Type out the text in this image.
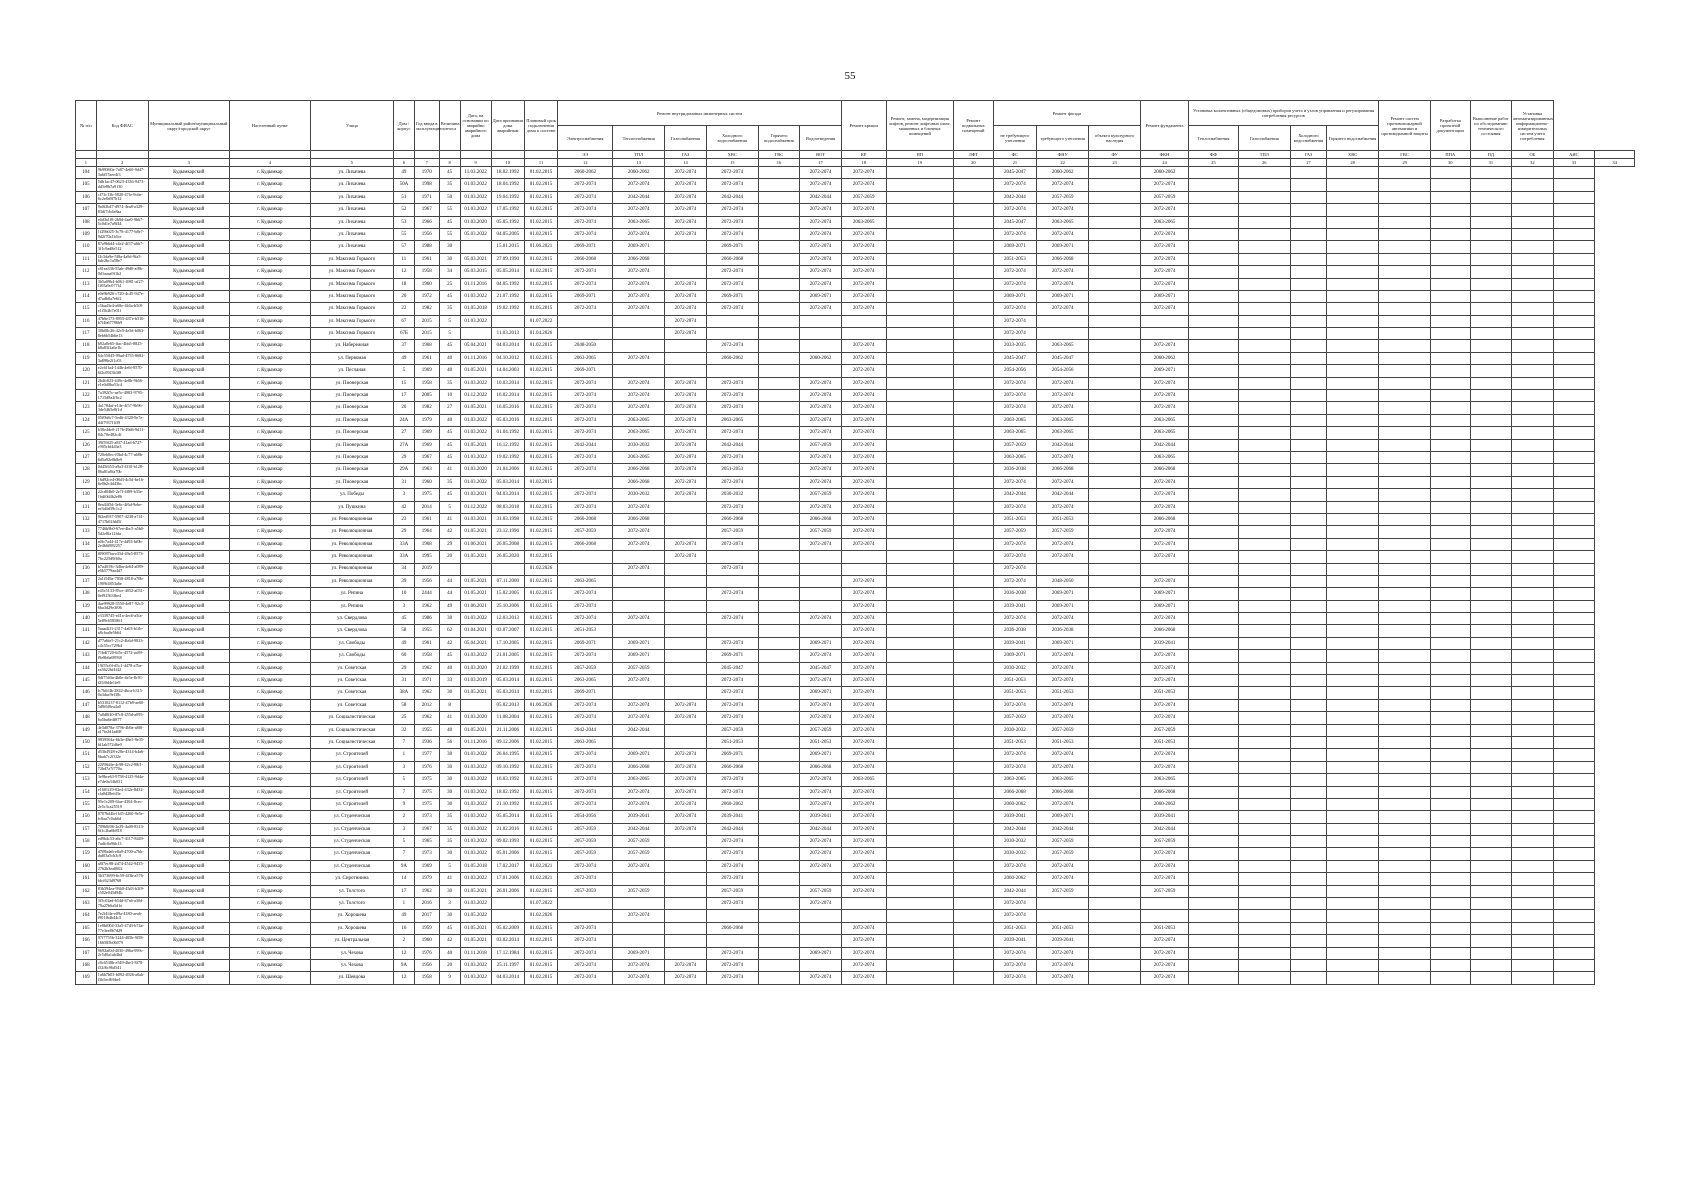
55
№ п/п	Код ФИАС	Муниципальный район/муниципальный округ/городской округ	Населенный пункт	Улица	Дом / корпус	Год ввода в эксплуатацию	Величина износа	Дата, на основании по аварийно аварийного дома	Дата признания дома аварийным	Плановый срок подключения дома к системе	Ремонт внутридомовых инженерных систем						Ремонт крыши	Ремонт, замена, модернизация лифтов, ремонт лифтовых шахт, машинных и блочных помещений	Ремонт подвальных помещений	Ремонт фасада			Ремонт фундамента	Установка коллективных (общедомовых) приборов учета и узлов управления и регулирования потребления ресурсов				Ремонт систем противопожарной автоматики и противодымной защиты	Разработка проектной документации	Выполнение работ по обследованию технического состояния	Установка автоматизированных информационно-измерительных систем учета потребления		
											Электроснабжения	Теплоснабжения	Газоснабжения	Холодного водоснабжения	Горячего водоснабжения	Водоотведения				не требующего утепления	требующего утепления	объекта культурного наследия		Теплоснабжения	Газоснабжения	Холодного водоснабжения	Горячего водоснабжения						
											ЭЭ	ТПЛ	ГАЗ	ХВС	ГВС	ВОТ	КР	ПП	ЛФТ	ФС	ФНУ	ФУ	ФКН	ФФ	ТПЛ	ГАЗ	ХВС	ГВС	ППА	ПД	ОБ	АИС	
1	2	3	4	5	6	7	8	9	10	11	12	13	14	15	16	17	18	19	20	21	22	23	24	25	26	27	28	29	30	31	32	33	34
104	9b99360a-7a87-4e60-9d47-3a6f57aee4f3	Кудымкарский	г. Кудымкар	ул. Лихачева	49	1970	45	11.03.2022	18.02.1992	01.02.2015	2060-2062	2060-2062	2072-2074	2072-2074		2072-2074	2072-2074			2045-2047	2060-2062		2060-2062										
105	5db1ac47-0623-4336-9473-dd5e8b7a9130	Кудымкарский	г. Кудымкар	ул. Лихачева	50А	1998	35	01.03.2022	18.04.1992	01.02.2015	2072-2074	2072-2074	2072-2074	2072-2074		2072-2074	2072-2074			2072-2074	2072-2074		2072-2074										
106	cf73c13b-5820-47fe-9c6e-6c2e8a9f7b12	Кудымкарский	г. Кудымкар	ул. Лихачева	51	1971	50	01.03.2022	19.04.1992	01.02.2015	2072-2074	2042-2044	2072-2074	2042-2044		2042-2044	2057-2059			2042-2044	2057-2059		2057-2059										
107	9a0f2b47-d974-4ea8-a329-83df7cb4e8aa	Кудымкарский	г. Кудымкар	ул. Лихачева	52	1967	55	01.03.2022	17.05.1992	01.02.2015	2072-2074	2072-2074	2072-2074	2072-2074		2072-2074	2072-2074			2072-2074	2072-2074		2072-2074										
108	e6d3a1f8-2b9d-4ae0-9b67-5c0d1e7a9f44	Кудымкарский	г. Кудымкар	ул. Лихачева	53	1966	45	01.03.2020	05.05.1992	01.02.2015	2072-2074	2063-2065	2072-2074	2072-2074		2072-2074	2063-2065			2045-2047	2063-2065		2063-2065										
109	1f29b025-3c78-4177-b8e7-9d2f70a1b5ce	Кудымкарский	г. Кудымкар	ул. Лихачева	55	1956	55	05.03.2022	04.05.2005	01.02.2015	2072-2074	2072-2074	2072-2074	2072-2074		2072-2074	2072-2074			2072-2074	2072-2074		2072-2074										
110	87a9b6d4-c4e2-4f57-a6b7-3f1c9ad8e512	Кудымкарский	г. Кудымкар	ул. Лихачева	57	1988	30		15.01.2015	01.06.2021	2069-2071	2069-2071		2069-2071		2072-2074	2072-2074			2069-2071	2069-2071		2072-2074										
111	f2c5da9e-5f8a-4a9d-9fa5-6de2bc1a58e7	Кудымкарский	г. Кудымкар	ул. Максима Горького	11	1961	30	05.03.2021	27.09.1990	01.02.2015	2066-2068	2066-2068		2066-2068		2072-2074	2072-2074			2051-2053	2066-2068		2072-2074										
112	c81ea336-55ab-49d0-af8b-0d1aaaa9f1b2	Кудымкарский	г. Кудымкар	ул. Максима Горького	12	1958	34	05.03.2015	05.05.2014	01.02.2015	2072-2074	2072-2074		2072-2074		2072-2074	2072-2074			2072-2074	2072-2074		2072-2074										
113	3b5a09b4-b061-4981-af27-1f05a9c077f4	Кудымкарский	г. Кудымкар	ул. Максима Горького	18	1960	25	01.11.2016	04.05.1992	01.02.2015	2072-2074	2072-2074	2072-2074	2072-2074		2072-2074	2072-2074			2072-2074	2072-2074		2072-2074										
114	e0e9b926-c720-4c45-947e-d7adb0a7e6f2	Кудымкарский	г. Кудымкар	ул. Максима Горького	20	1972	45	01.03.2022	21.07.1992	01.02.2015	2069-2071	2072-2074	2072-2074	2069-2071		2069-2071	2072-2074			2069-2071	2069-2071		2069-2071										
115	c5bad3e4-a68e-4b5a-b5f8-e1f5b2b7e01f	Кудымкарский	г. Кудымкар	ул. Максима Горького	22	1982	35	01.05.2018	19.02.1992	01.05.2015	2072-2074	2072-2074	2072-2074	2072-2074		2072-2074	2072-2074			2072-2074	2072-2074		2072-2074										
116	47b6e173-8955-437e-b516-b7f4b67796b9	Кудымкарский	г. Кудымкар	ул. Максима Горького	67	2015	5	01.03.2022		01.07.2022			2072-2074							2072-2074													
117	30b08c26-42c9-4e5d-b063-8eb6b54b6e13	Кудымкарский	г. Кудымкар	ул. Максима Горького	67Б	2015	5		11.03.2013	01.04.2026			2072-2074							2072-2074													
118	b92a0e65-ffac-4bb5-8825-b8a83f2a6e1b	Кудымкарский	г. Кудымкар	ул. Набережная	37	1968	45	05.04.2021	04.03.2014	01.02.2015	2048-2050			2072-2074			2072-2074			2033-2035	2063-2065		2072-2074										
119	64c55045-09ad-4755-8682-3a898e2f1c03	Кудымкарский	г. Кудымкар	ул. Первомая	49	1961	40	01.11.2016	04.10.2012	01.02.2015	2063-2065	2072-2074		2060-2062		2060-2062	2072-2074			2045-2047	2045-2047		2060-2062										
120	e2c6f1a4-1d4b-4e6f-8570-6f2c0923b3f8	Кудымкарский	г. Кудымкар	ул. Песчаная	5	1969	40	01.05.2021	14.04.2003	01.02.2015	2069-2071						2072-2074			2054-2056	2054-2056		2069-2071										
121	2b4fdf23-449c-4e8b-9b56-e1e0d0ba53c4	Кудымкарский	г. Кудымкар	ул. Пионерская	15	1958	35	01.03.2022	10.03.2014	01.02.2015	2072-2074	2072-2074	2072-2074	2072-2074		2072-2074	2072-2074			2072-2074	2072-2074		2072-2074										
122	7a392f5c-ae5c-4983-9795-1715d8a2f6c2	Кудымкарский	г. Кудымкар	ул. Пионерская	17	2005	10	01.12.2022	16.02.2014	01.02.2015	2072-2074	2072-2074	2072-2074	2072-2074		2072-2074	2072-2074			2072-2074	2072-2074		2072-2074										
123	4a1784af-e14e-4f57-9b96-3de5465e8f1d	Кудымкарский	г. Кудымкар	ул. Пионерская	20	1982	27	01.05.2021	16.05.2016	01.02.2015	2072-2074	2072-2074	2072-2074	2072-2074		2072-2074	2072-2074			2072-2074	2072-2074		2072-2074										
124	05f0b8c7-5ed6-4320-9e7e-d4f7937f1ff9	Кудымкарский	г. Кудымкар	ул. Пионерская	24А	1979	40	01.03.2022	05.03.2016	01.02.2015	2072-2074	2063-2065	2072-2074	2063-2065		2072-2074	2072-2074			2063-2065	2063-2065		2063-2065										
125	b30e4de0-217b-49d6-9d11-84c70e482c4f	Кудымкарский	г. Кудымкар	ул. Пионерская	27	1969	45	01.03.2022	01.04.1992	01.02.2015	2072-2074	2063-2065	2072-2074	2072-2074		2072-2074	2072-2074			2063-2065	2063-2065		2063-2065										
126	39f59f25-a8f7-41ad-b727-c905cbf4d3e3	Кудымкарский	г. Кудымкар	ул. Пионерская	27А	1969	45	01.05.2021	16.12.1992	01.02.2015	2042-2044	2030-2032	2072-2074	2042-2044		2057-2059	2072-2074			2057-2059	2042-2044		2042-2044										
127	720eb0ec-f0bd-4c77-a68b-6d5a92e0b8e9	Кудымкарский	г. Кудымкар	ул. Пионерская	29	1967	45	01.03.2022	19.02.1992	01.02.2015	2072-2074	2063-2065	2072-2074	2072-2074		2072-2074	2072-2074			2063-2065	2072-2074		2063-2065										
128	0d45f653-a9a3-4f10-b128-86a81a0fa70b	Кудымкарский	г. Кудымкар	ул. Пионерская	29А	1963	41	01.03.2020	21.04.2006	01.02.2015	2072-2074	2066-2068	2072-2074	2051-2053		2072-2074	2072-2074			2036-2038	2066-2068		2066-2068										
129	16d92ce4-08d3-4c5d-be16-6e0b2c4d43bc	Кудымкарский	г. Кудымкар	ул. Пионерская	31	1960	35	01.03.2022	05.03.2014	01.02.2015		2066-2068	2072-2074	2072-2074		2072-2074	2072-2074			2072-2074	2072-2074		2072-2074										
130	22cd04b0-2e7f-4f89-b33e-1bdf0d4b2e86	Кудымкарский	г. Кудымкар	ул. Победы	3	1975	45	01.03.2021	04.03.2014	01.02.2015	2072-2074	2030-2032	2072-2074	2030-2032		2057-2059	2072-2074			2042-2044	2042-2044		2072-2074										
131	8ea44f5d-3e6c-4f6d-9ebe-ee3d4d39c1c2	Кудымкарский	г. Кудымкар	ул. Пушкина	42	2014	5	01.12.2022	08.03.2018	01.02.2015	2072-2074	2072-2074		2072-2074		2072-2074	2072-2074			2072-2074	2072-2074		2072-2074										
132	8f2ed937-5907-4238-a741-4717b02fdd5f	Кудымкарский	г. Кудымкар	ул. Революционная	23	1961	41	01.03.2021	31.03.1998	01.02.2015	2066-2068	2066-2068		2066-2068		2066-2068	2072-2074			2051-2053	2051-2053		2066-2068										
133	7746b9b0-67ee-4bc5-a5b0-5d2e8fa12fda	Кудымкарский	г. Кудымкар	ул. Революционная	29	1964	42	01.05.2021	23.12.1996	01.02.2015	2057-2059	2072-2074		2057-2059		2057-2059	2072-2074			2057-2059	2057-2059		2072-2074										
134	a0fc7a44-417e-4d93-bf0b-2e4b6f882257	Кудымкарский	г. Кудымкар	ул. Революционная	33А	1968	29	01.06.2021	26.05.2008	01.02.2015	2066-2068	2072-2074	2072-2074	2072-2074		2072-2074	2072-2074			2072-2074	2072-2074		2072-2074										
135	f09087ba-e35d-49e5-8573-76c225d9f60a	Кудымкарский	г. Кудымкар	ул. Революционная	33А	1995	20	01.05.2021	26.05.2020	01.02.2015			2072-2074							2072-2074	2072-2074		2072-2074										
136	b7a4019c-3dba-4e64-a089-e6b5779aa4d7	Кудымкарский	г. Кудымкар	ул. Революционная	34	2019				01.02.2026		2072-2074		2072-2074						2072-2074													
137	2a1f549a-7858-4818-a70b-1909f4853a6e	Кудымкарский	г. Кудымкар	ул. Революционная	39	1956	44	01.05.2021	07.11.2000	01.02.2015	2063-2065						2072-2074			2072-2074	2048-2050		2072-2074										
138	e45c5133-85ce-4052-a031-0ef92563fbe4	Кудымкарский	г. Кудымкар	ул. Репина	10	2444	44	01.05.2021	15.02.2005	01.02.2015	2072-2074			2072-2074			2072-2074			2036-2038	2069-2071		2069-2071										
139	4ae99928-5550-4e87-92c3-6ba3d29e3f06	Кудымкарский	г. Кудымкар	ул. Репина	3	1962	49	01.06.2021	25.10.2006	01.02.2015	2072-2074						2072-2074			2039-2041	2069-2071		2069-2071										
140	e3339745-e41a-4ec6-a5fa-5e89c6585861	Кудымкарский	г. Кудымкар	ул. Свердлова	45	1986	30	01.03.2022	12.03.2013	01.02.2015	2072-2074	2072-2074		2072-2074		2072-2074	2072-2074			2072-2074	2072-2074		2072-2074										
141	5aaad2f1-2317-4a03-b1fb-a8cfaa0e5b64	Кудымкарский	г. Кудымкар	ул. Свердлова	58	1955	62	01.04.2021	03.07.2007	01.02.2015	2051-2053						2072-2074			2036-2038	2036-2038		2066-2068										
142	d77a6fe5-21c2-4b6d-9823-c4c55cc729b4	Кудымкарский	г. Кудымкар	ул. Свободы	49	1961	42	05.04.2021	17.10.2005	01.02.2015	2069-2071	2069-2071		2072-2074		2069-2071	2072-2074			2039-2041	2069-2071		2039-2041										
143	71bdf720-6f5c-4572-ac89-f9e8b6a08938	Кудымкарский	г. Кудымкар	ул. Свободы	60	1958	45	01.03.2022	21.01.2005	01.02.2015	2072-2074	2069-2071		2069-2071		2072-2074	2072-2074			2069-2071	2072-2074		2072-2074										
144	19f55c0f-d5c1-4478-a7be-ea3622bf4f42	Кудымкарский	г. Кудымкар	ул. Советская	29	1962	40	01.03.2020	21.02.1999	01.02.2015	2057-2059	2057-2059		2045-2047		2045-2047	2072-2074			2030-2032	2072-2074		2072-2074										
145	9df7540a-4b0e-4e5e-8c91-f25f0d4e1fe9	Кудымкарский	г. Кудымкар	ул. Советская	31	1971	33	01.03.2019	05.03.2014	01.02.2015	2063-2065	2072-2074		2072-2074		2072-2074	2072-2074			2051-2053	2072-2074		2072-2074										
146	fc7b6f4b-2842-4bca-b315-0a3dac9ef38c	Кудымкарский	г. Кудымкар	ул. Советская	38А	1962	30	01.05.2021	05.03.2014	01.02.2015	2069-2071			2072-2074		2069-2071	2072-2074			2051-2053	2051-2053		2051-2053										
147	b5310237-8112-47b9-ae60-5d9f6f0ea4a0	Кудымкарский	г. Кудымкар	ул. Советская	58	2012	8		05.02.2013	01.06.2026	2072-2074	2072-2074	2072-2074	2072-2074		2072-2074	2072-2074			2072-2074	2072-2074		2072-2074										
148	7a8d8f40-87c8-455d-a095-6a5ba6e4f877	Кудымкарский	г. Кудымкар	ул. Социалистическая	25	1962	41	01.03.2020	11.08.2004	01.02.2015	2072-2074	2072-2074	2072-2074	2072-2074		2072-2074	2072-2074			2057-2059	2072-2074		2072-2074										
149	4e3d078a-3796-4b9a-a8f0-a17fe2d1ad68	Кудымкарский	г. Кудымкар	ул. Социалистическая	32	1955	40	01.05.2021	21.11.2006	01.02.2015	2042-2044	2042-2044		2057-2059		2057-2059	2072-2074			2030-2032	2057-2059		2057-2059										
150	9839504a-6b3e-48e5-9e35-fd1ab572d6e0	Кудымкарский	г. Кудымкар	ул. Социалистическая	7	1936	56	01.11.2016	09.12.2006	01.02.2015	2063-2065			2051-2053		2051-2053	2072-2074			2051-2053	2051-2053		2051-2053										
151	d53b4928-e20e-4314-b4a6-6bab7c2f3f2e	Кудымкарский	г. Кудымкар	ул. Строителей	1	1977	30	01.03.2022	26.04.1995	01.02.2015	2072-2074	2069-2071	2072-2074	2069-2071		2069-2071	2072-2074			2072-2074	2072-2074		2072-2074										
152	22f98d4e-4c98-42c2-98f1-72bd7a7f770a	Кудымкарский	г. Кудымкар	ул. Строителей	3	1976	30	01.03.2022	09.10.1992	01.02.2015	2072-2074	2066-2068	2072-2074	2066-2068		2066-2068	2072-2074			2072-2074	2072-2074		2072-2074										
153	3e9bce63-9758-4125-9d4a-e7de0a34b031	Кудымкарский	г. Кудымкар	ул. Строителей	5	1975	30	01.03.2022	16.03.1992	01.02.2015	2072-2074	2063-2065	2072-2074	2072-2074		2072-2074	2063-2065			2063-2065	2063-2065		2063-2065										
154	e1601f29-02e4-432e-8d32-cfa0d28efd3e	Кудымкарский	г. Кудымкар	ул. Строителей	7	1975	30	01.03.2022	18.02.1992	01.02.2015	2072-2074	2072-2074	2072-2074	2072-2074		2072-2074	2072-2074			2066-2068	2066-2068		2066-2068										
155	95e1c209-6fae-4304-8cec-2e5c3ca25519	Кудымкарский	г. Кудымкар	ул. Строителей	9	1975	30	01.03.2022	21.10.1992	01.02.2015	2072-2074	2072-2074	2072-2074	2060-2062		2072-2074	2072-2074			2060-2062	2072-2074		2060-2062										
156	0707bd4b-f1d5-4260-9e5e-fc0aa7c0ab6d	Кудымкарский	г. Кудымкар	ул. Студенческая	2	1973	35	01.03.2022	05.05.2014	01.02.2015	2054-2056	2039-2041	2072-2074	2039-2041		2039-2041	2072-2074			2039-2041	2069-2071		2039-2041										
157	709b0f06-2e29-4a09-8313-6f1c2ba6b818	Кудымкарский	г. Кудымкар	ул. Студенческая	3	1967	35	01.03.2022	21.02.2016	01.02.2015	2057-2059	2042-2044	2072-2074	2042-2044		2042-2044	2072-2074			2042-2044	2042-2044		2042-2044										
158	ed9b4c53-a6c7-4117-8449-7adfc0a96b13	Кудымкарский	г. Кудымкар	ул. Студенческая	5	1965	35	01.03.2022	09.02.1993	01.02.2015	2057-2059	2057-2059		2072-2074		2072-2074	2072-2074			2030-2032	2057-2059		2057-2059										
159	d7f8bda6-e8a9-4700-a7bb-daf03a5cb3c9	Кудымкарский	г. Кудымкар	ул. Студенческая	7	1973	30	01.03.2022	05.01.2006	01.02.2015	2057-2059	2057-2059		2072-2074		2072-2074	2072-2074			2030-2032	2057-2059		2072-2074										
160	a8f7ec98-2d74-4542-9435-2762b3ea0602	Кудымкарский	г. Кудымкар	ул. Студенческая	9А	1969	5	01.05.2018	17.02.2017	01.02.2021	2072-2074	2072-2074		2072-2074		2072-2074	2072-2074			2072-2074	2072-2074		2072-2074										
161	3b373699-6c59-4f3b-a576-fdcf623d9768	Кудымкарский	г. Кудымкар	ул. Сиротинина	14	1979	41	01.03.2022	17.01.2006	01.02.2021	2072-2074			2072-2074			2072-2074			2060-2062	2072-2074		2072-2074										
162	83b594ea-9360-45d3-b3f9-c502e045d94b	Кудымкарский	г. Кудымкар	ул. Толстого	17	1962	30	01.05.2021	26.01.2006	01.02.2015	2057-2059	2057-2059		2057-2059		2057-2059	2072-2074			2042-2044	2057-2059		2057-2059										
163	3f5c02ad-654d-47a6-a30d-79a27b6a5d1e	Кудымкарский	г. Кудымкар	ул. Толстого	1	2016	3	01.03.2022		01.07.2022				2072-2074		2072-2074				2072-2074													
164	7e2f4f4e-e09a-4180-aea6-f901fb4b44c5	Кудымкарский	г. Кудымкар	ул. Хорошева	49	2017	30	01.05.2022		01.02.2026		2072-2074								2072-2074													
165	1e8bf004-33a5-47d3-b74a-77e3ee8b7d29	Кудымкарский	г. Кудымкар	ул. Хорошева	16	1959	45	01.05.2021	05.02.2009	01.02.2015	2072-2074			2066-2068			2072-2074			2051-2053	2051-2053		2051-2053										
166	97f7755b-3244-405b-9f58-166585b06079	Кудымкарский	г. Кудымкар	ул. Центральная	2	1960	42	01.05.2021	03.02.2014	01.02.2015	2072-2074						2072-2074			2039-2041	2039-2041		2072-2074										
167	9692af0d-4030-496a-999c-2c5d0a1ab4bd	Кудымкарский	г. Кудымкар	ул. Чехова	12	1976	40	01.11.2018	17.12.1984	01.02.2015	2072-2074	2069-2071		2072-2074		2069-2071	2072-2074			2072-2074	2072-2074		2072-2074										
168	c8c6538b-e549-4be3-8f78-f32f6c96d541	Кудымкарский	г. Кудымкар	ул. Чехова	9А	1956	20	01.03.2022	25.11.1997	01.02.2015	2072-2074	2072-2074	2072-2074	2072-2074			2072-2074			2072-2074	2072-2074		2072-2074										
169	1a6b7b03-b092-4926-a0ab-f3b5ec8f6be1	Кудымкарский	г. Кудымкар	ул. Шевцова	12	1958	9	01.03.2022	04.03.2014	01.02.2015	2072-2074	2072-2074	2072-2074	2072-2074		2072-2074	2072-2074			2072-2074	2072-2074		2072-2074										
